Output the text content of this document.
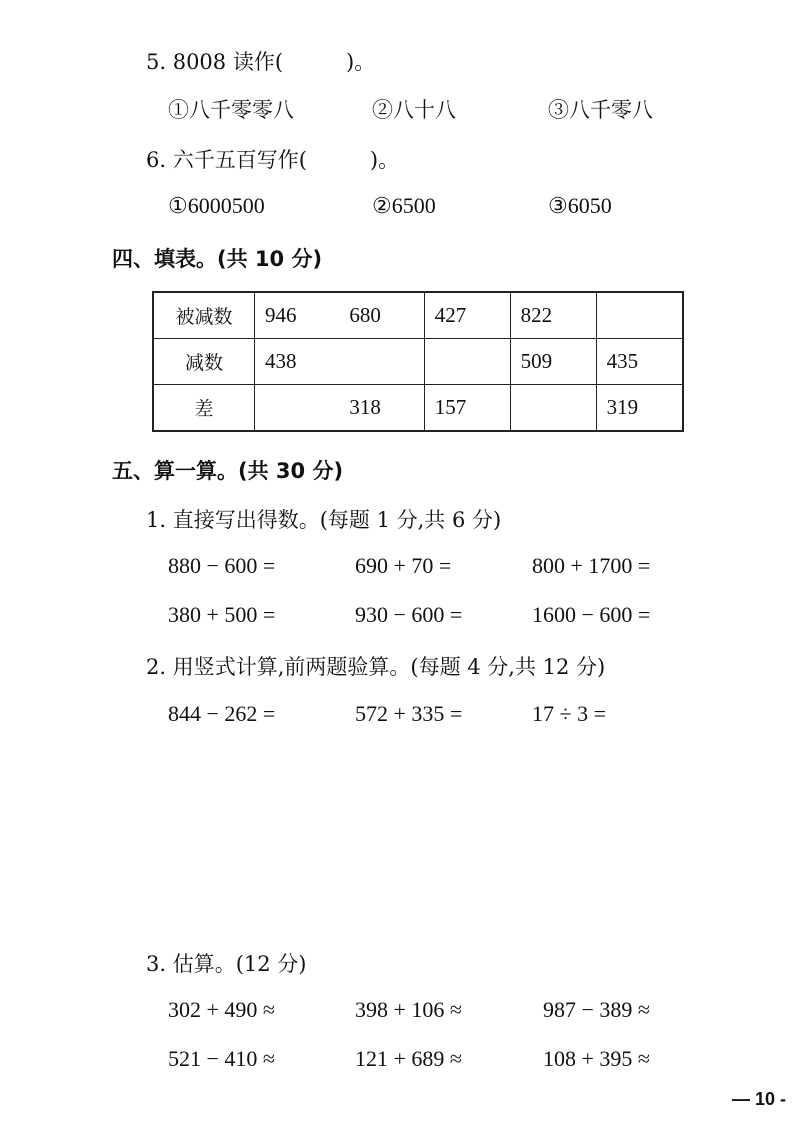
5. 8008 读作(　　　)。
①八千零零八	②八十八	③八千零八
6. 六千五百写作(　　　)。
①6000500	②6500	③6050
四、填表。(共 10 分)
被减数	946	680	427	822	
减数	438			509	435
差		318	157		319
五、算一算。(共 30 分)
1. 直接写出得数。(每题 1 分,共 6 分)
880 − 600 =	690 + 70 =	800 + 1700 =
380 + 500 =	930 − 600 =	1600 − 600 =
2. 用竖式计算,前两题验算。(每题 4 分,共 12 分)
844 − 262 =	572 + 335 =	17 ÷ 3 =
3. 估算。(12 分)
302 + 490 ≈	398 + 106 ≈	987 − 389 ≈
521 − 410 ≈	121 + 689 ≈	108 + 395 ≈
— 10 -
